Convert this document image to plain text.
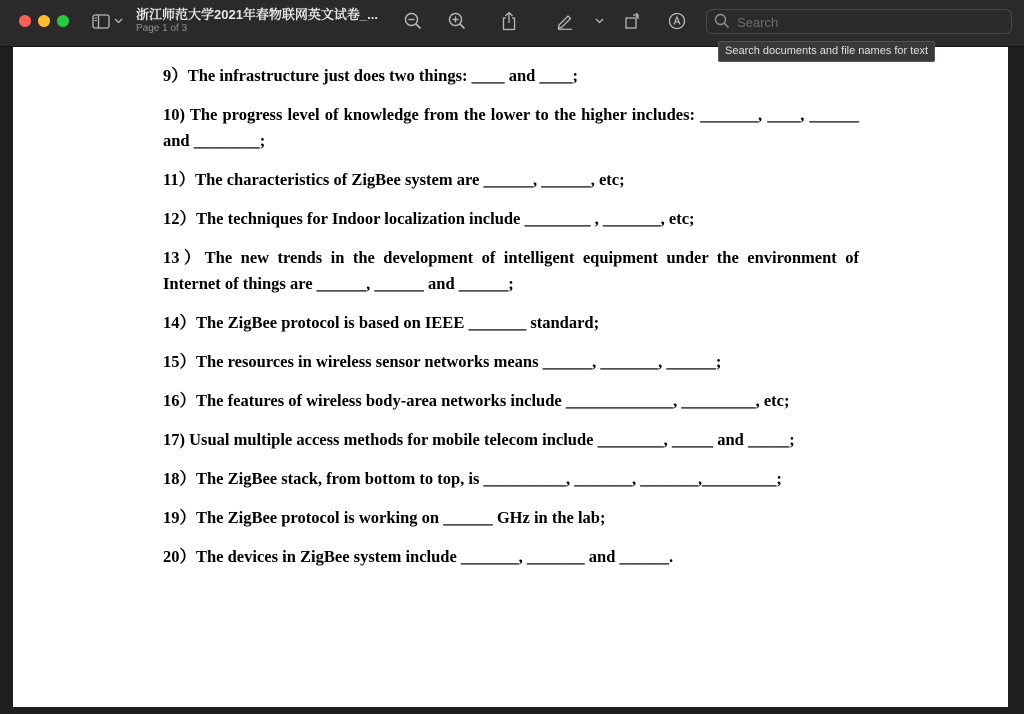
浙江师范大学2021年春物联网英文试卷_...
Page 1 of 3
Search
Search documents and file names for text

9）The infrastructure just does two things: ____ and ____;

10) The progress level of knowledge from the lower to the higher includes: _______, ____, ______ and ________;

11）The characteristics of ZigBee system are ______, ______, etc;

12）The techniques for Indoor localization include ________ , _______, etc;

13）The new trends in the development of intelligent equipment under the environment of Internet of things are ______, ______ and ______;

14）The ZigBee protocol is based on IEEE _______ standard;

15）The resources in wireless sensor networks means ______, _______, ______;

16）The features of wireless body-area networks include _____________, _________, etc;

17) Usual multiple access methods for mobile telecom include ________, _____ and _____;

18）The ZigBee stack, from bottom to top, is __________, _______, _______,_________;

19）The ZigBee protocol is working on ______ GHz in the lab;

20）The devices in ZigBee system include _______, _______ and ______.
